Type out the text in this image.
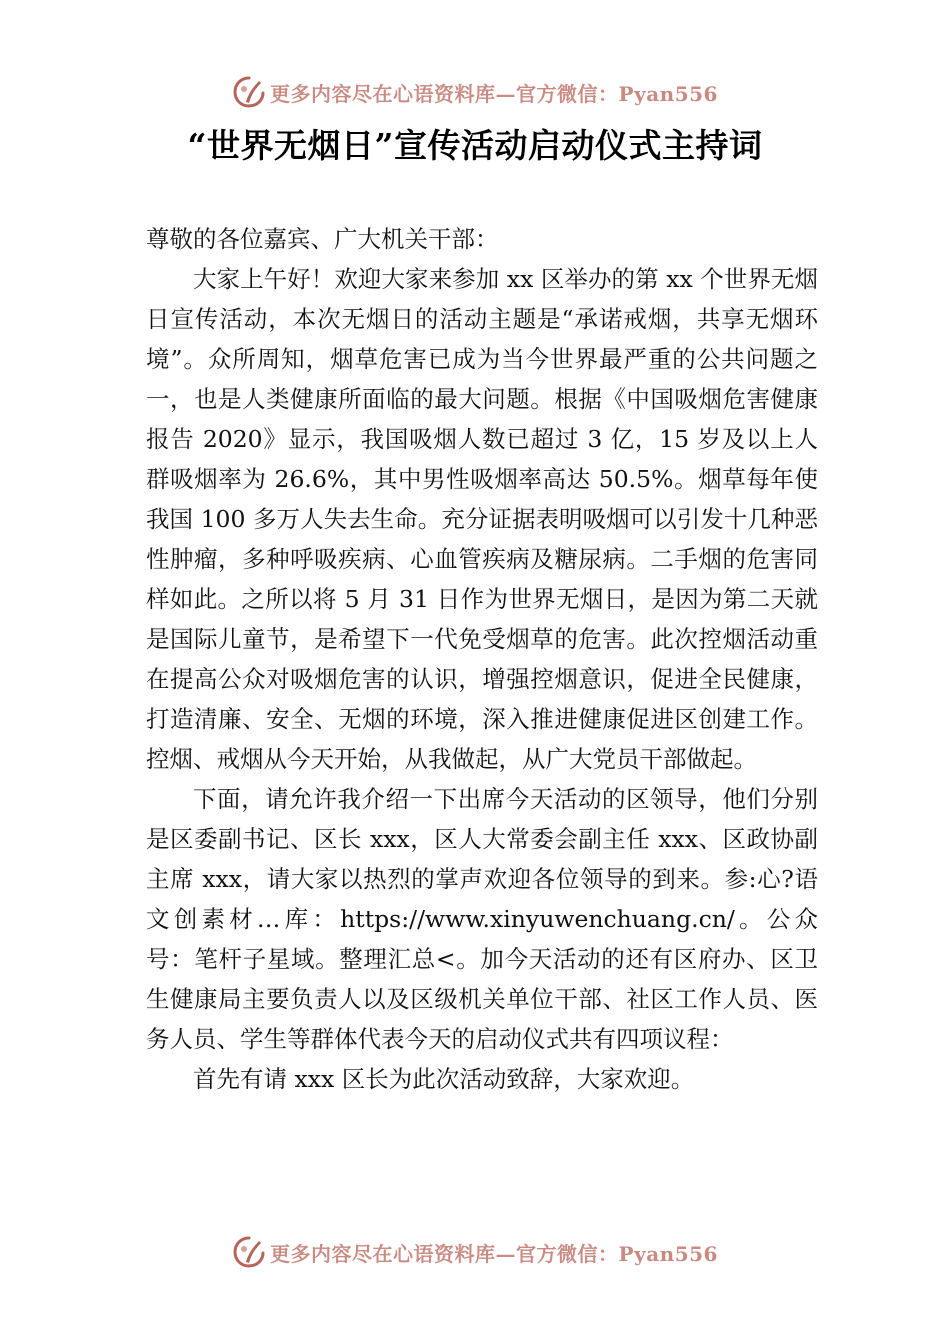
更多内容尽在心语资料库—官方微信：Pyan556
“世界无烟日”宣传活动启动仪式主持词

尊敬的各位嘉宾、广大机关干部：

大家上午好！欢迎大家来参加 xx 区举办的第 xx 个世界无烟日宣传活动，本次无烟日的活动主题是“承诺戒烟，共享无烟环境”。众所周知，烟草危害已成为当今世界最严重的公共问题之一，也是人类健康所面临的最大问题。根据《中国吸烟危害健康报告 2020》显示，我国吸烟人数已超过 3 亿，15 岁及以上人群吸烟率为 26.6%，其中男性吸烟率高达 50.5%。烟草每年使我国 100 多万人失去生命。充分证据表明吸烟可以引发十几种恶性肿瘤，多种呼吸疾病、心血管疾病及糖尿病。二手烟的危害同样如此。之所以将 5 月 31 日作为世界无烟日，是因为第二天就是国际儿童节，是希望下一代免受烟草的危害。此次控烟活动重在提高公众对吸烟危害的认识，增强控烟意识，促进全民健康，打造清廉、安全、无烟的环境，深入推进健康促进区创建工作。控烟、戒烟从今天开始，从我做起，从广大党员干部做起。

下面，请允许我介绍一下出席今天活动的区领导，他们分别是区委副书记、区长 xxx，区人大常委会副主任 xxx、区政协副主席 xxx，请大家以热烈的掌声欢迎各位领导的到来。参:心?语文创素材…库：https://www.xinyuwenchuang.cn/。公众号：笔杆子星域。整理汇总<。加今天活动的还有区府办、区卫生健康局主要负责人以及区级机关单位干部、社区工作人员、医务人员、学生等群体代表今天的启动仪式共有四项议程：

首先有请 xxx 区长为此次活动致辞，大家欢迎。

更多内容尽在心语资料库—官方微信：Pyan556
